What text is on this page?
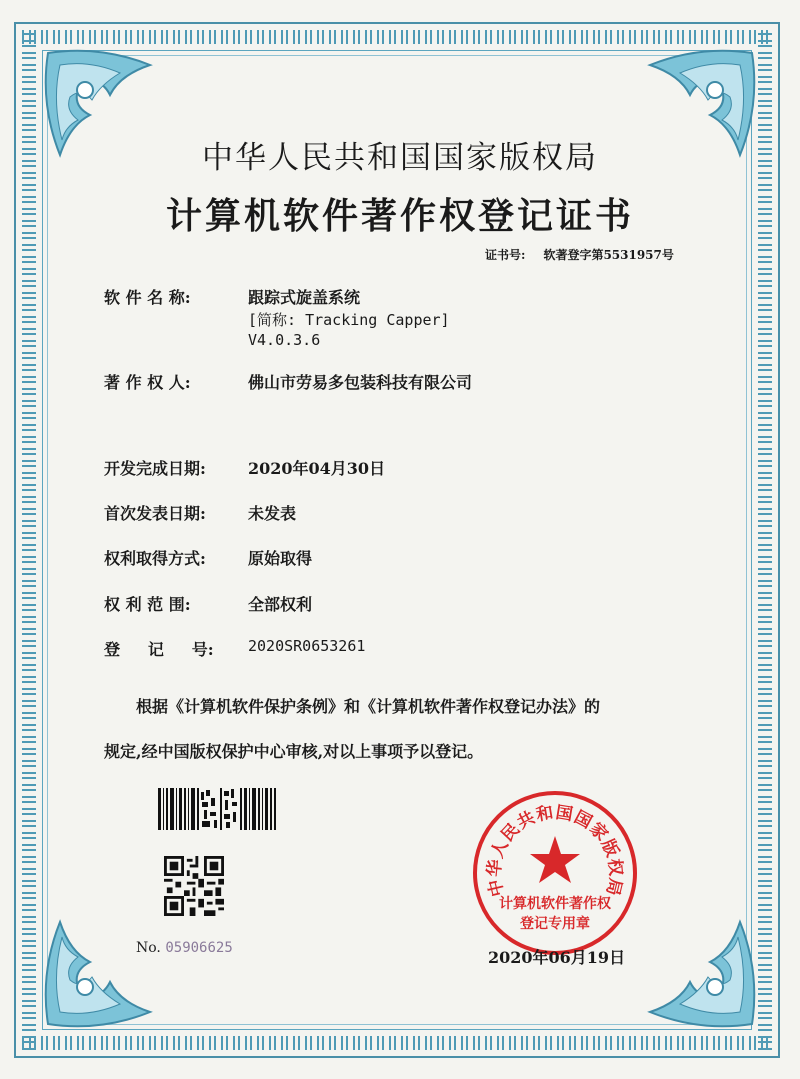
中华人民共和国国家版权局
计算机软件著作权登记证书
证书号: 软著登字第5531957号
软 件 名 称:	跟踪式旋盖系统
[简称: Tracking Capper]
V4.0.3.6
著 作 权 人:	佛山市劳易多包装科技有限公司
开发完成日期:	2020年04月30日
首次发表日期:	未发表
权利取得方式:	原始取得
权 利 范 围:	全部权利
登     记     号: 2020SR0653261
根据《计算机软件保护条例》和《计算机软件著作权登记办法》的
规定,经中国版权保护中心审核,对以上事项予以登记。
No. 05906625
中华人民共和国国家版权局
计算机软件著作权
登记专用章
2020年06月19日
